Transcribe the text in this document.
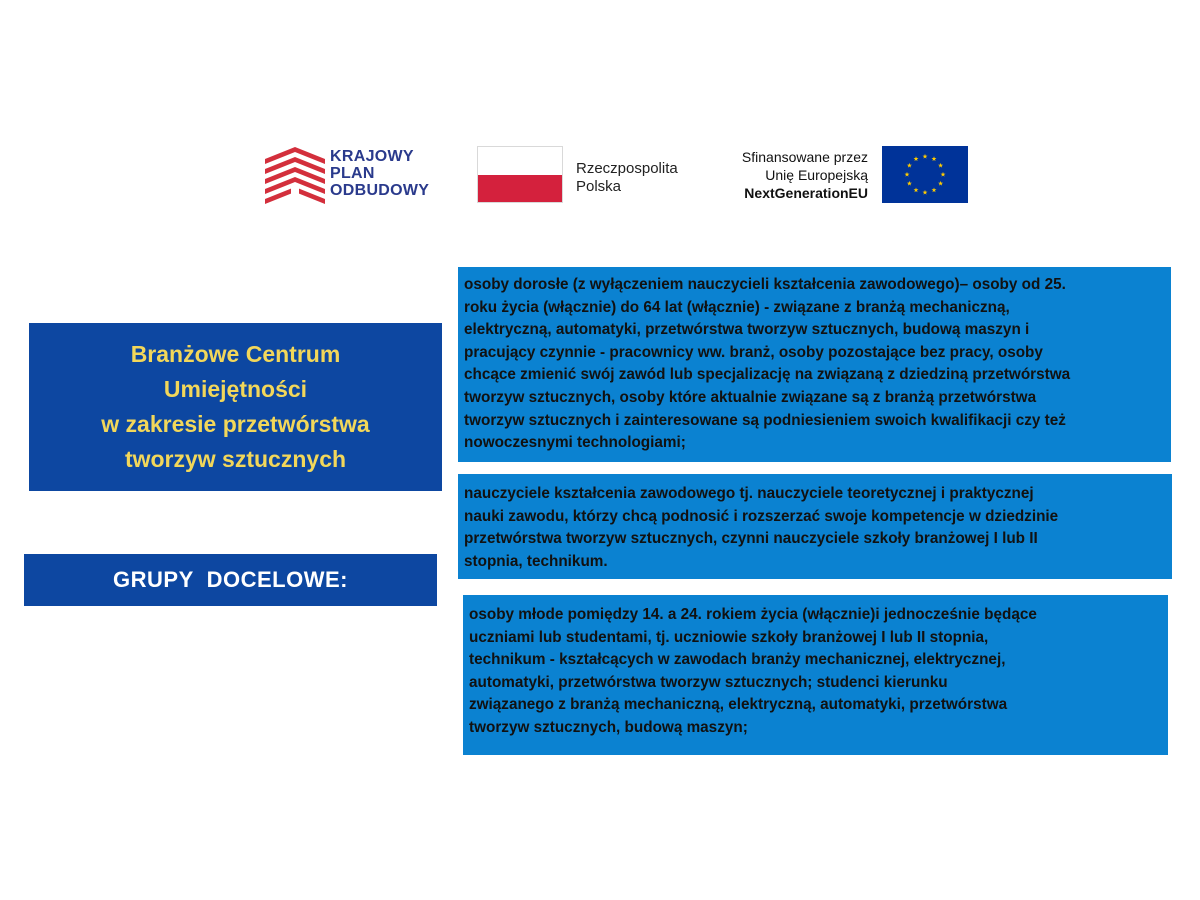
KRAJOWY
PLAN
ODBUDOWY
Rzeczpospolita
Polska
Sfinansowane przez
Unię Europejską
NextGenerationEU
Branżowe Centrum
Umiejętności
w zakresie przetwórstwa
tworzyw sztucznych
GRUPY  DOCELOWE:
osoby dorosłe (z wyłączeniem nauczycieli kształcenia zawodowego)– osoby od 25.
roku życia (włącznie) do 64 lat (włącznie) - związane z branżą mechaniczną,
elektryczną, automatyki, przetwórstwa tworzyw sztucznych, budową maszyn i
pracujący czynnie - pracownicy ww. branż, osoby pozostające bez pracy, osoby
chcące zmienić swój zawód lub specjalizację na związaną z dziedziną przetwórstwa
tworzyw sztucznych, osoby które aktualnie związane są z branżą przetwórstwa
tworzyw sztucznych i zainteresowane są podniesieniem swoich kwalifikacji czy też
nowoczesnymi technologiami;
nauczyciele kształcenia zawodowego tj. nauczyciele teoretycznej i praktycznej
nauki zawodu, którzy chcą podnosić i rozszerzać swoje kompetencje w dziedzinie
przetwórstwa tworzyw sztucznych, czynni nauczyciele szkoły branżowej I lub II
stopnia, technikum.
osoby młode pomiędzy 14. a 24. rokiem życia (włącznie)i jednocześnie będące
uczniami lub studentami, tj. uczniowie szkoły branżowej I lub II stopnia,
technikum - kształcących w zawodach branży mechanicznej, elektrycznej,
automatyki, przetwórstwa tworzyw sztucznych; studenci kierunku
związanego z branżą mechaniczną, elektryczną, automatyki, przetwórstwa
tworzyw sztucznych, budową maszyn;
